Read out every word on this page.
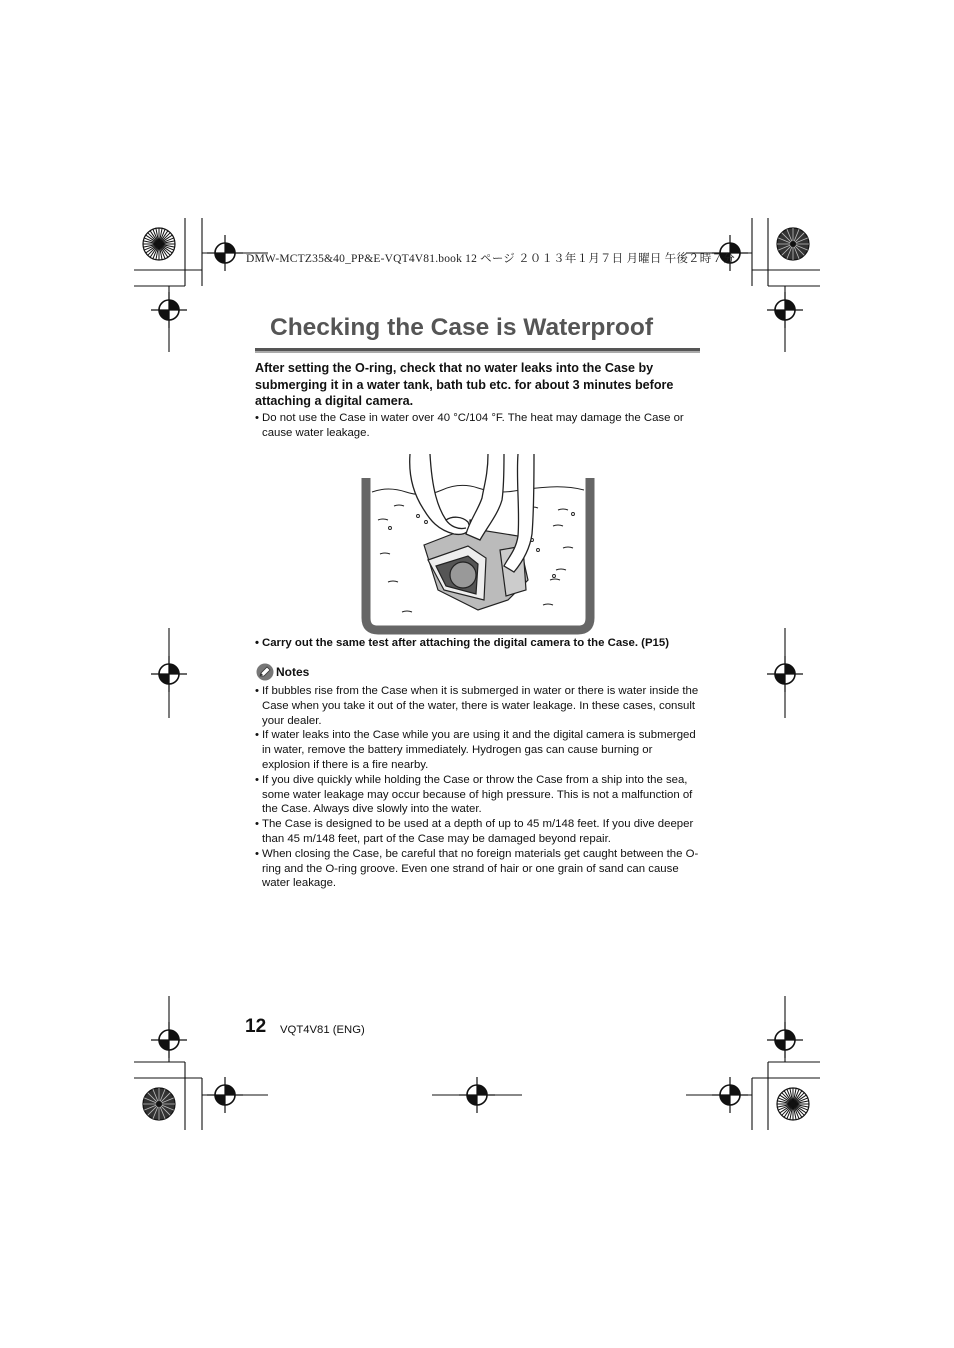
DMW-MCTZ35&40_PP&E-VQT4V81.book 12 ページ ２０１３年１月７日 月曜日 午後２時７分
Checking the Case is Waterproof

After setting the O-ring, check that no water leaks into the Case by submerging it in a water tank, bath tub etc. for about 3 minutes before attaching a digital camera.

• Do not use the Case in water over 40 °C/104 °F. The heat may damage the Case or cause water leakage.
• Carry out the same test after attaching the digital camera to the Case. (P15)
Notes
• If bubbles rise from the Case when it is submerged in water or there is water inside the Case when you take it out of the water, there is water leakage. In these cases, consult your dealer.
• If water leaks into the Case while you are using it and the digital camera is submerged in water, remove the battery immediately. Hydrogen gas can cause burning or explosion if there is a fire nearby.
• If you dive quickly while holding the Case or throw the Case from a ship into the sea, some water leakage may occur because of high pressure. This is not a malfunction of the Case. Always dive slowly into the water.
• The Case is designed to be used at a depth of up to 45 m/148 feet. If you dive deeper than 45 m/148 feet, part of the Case may be damaged beyond repair.
• When closing the Case, be careful that no foreign materials get caught between the O-ring and the O-ring groove. Even one strand of hair or one grain of sand can cause water leakage.
12 VQT4V81 (ENG)
